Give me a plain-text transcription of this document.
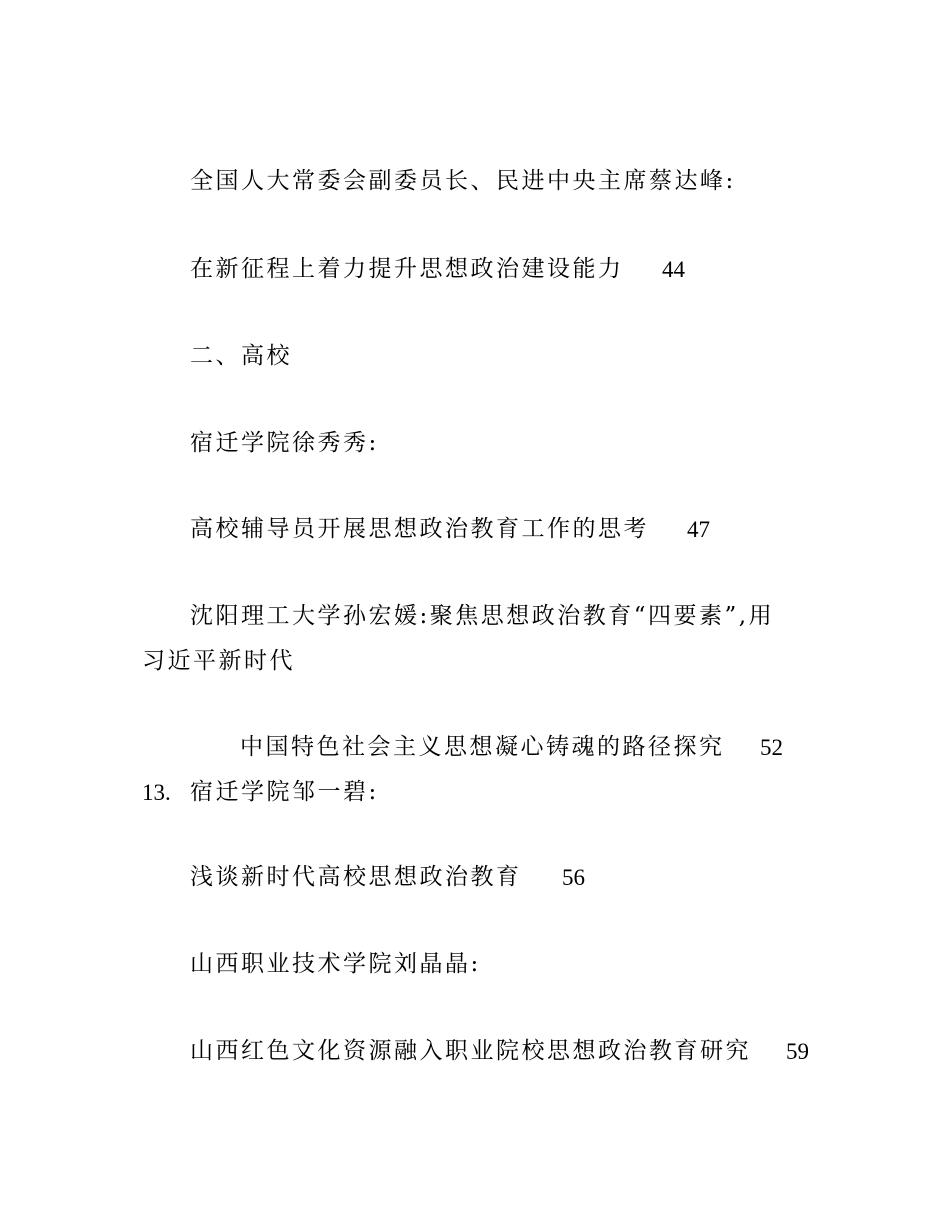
全国人大常委会副委员长、民进中央主席蔡达峰:
在新征程上着力提升思想政治建设能力 44
二、高校
宿迁学院徐秀秀:
高校辅导员开展思想政治教育工作的思考 47
沈阳理工大学孙宏媛:聚焦思想政治教育“四要素”,用
习近平新时代
中国特色社会主义思想凝心铸魂的路径探究 52
13. 宿迁学院邹一碧:
浅谈新时代高校思想政治教育 56
山西职业技术学院刘晶晶:
山西红色文化资源融入职业院校思想政治教育研究 59
